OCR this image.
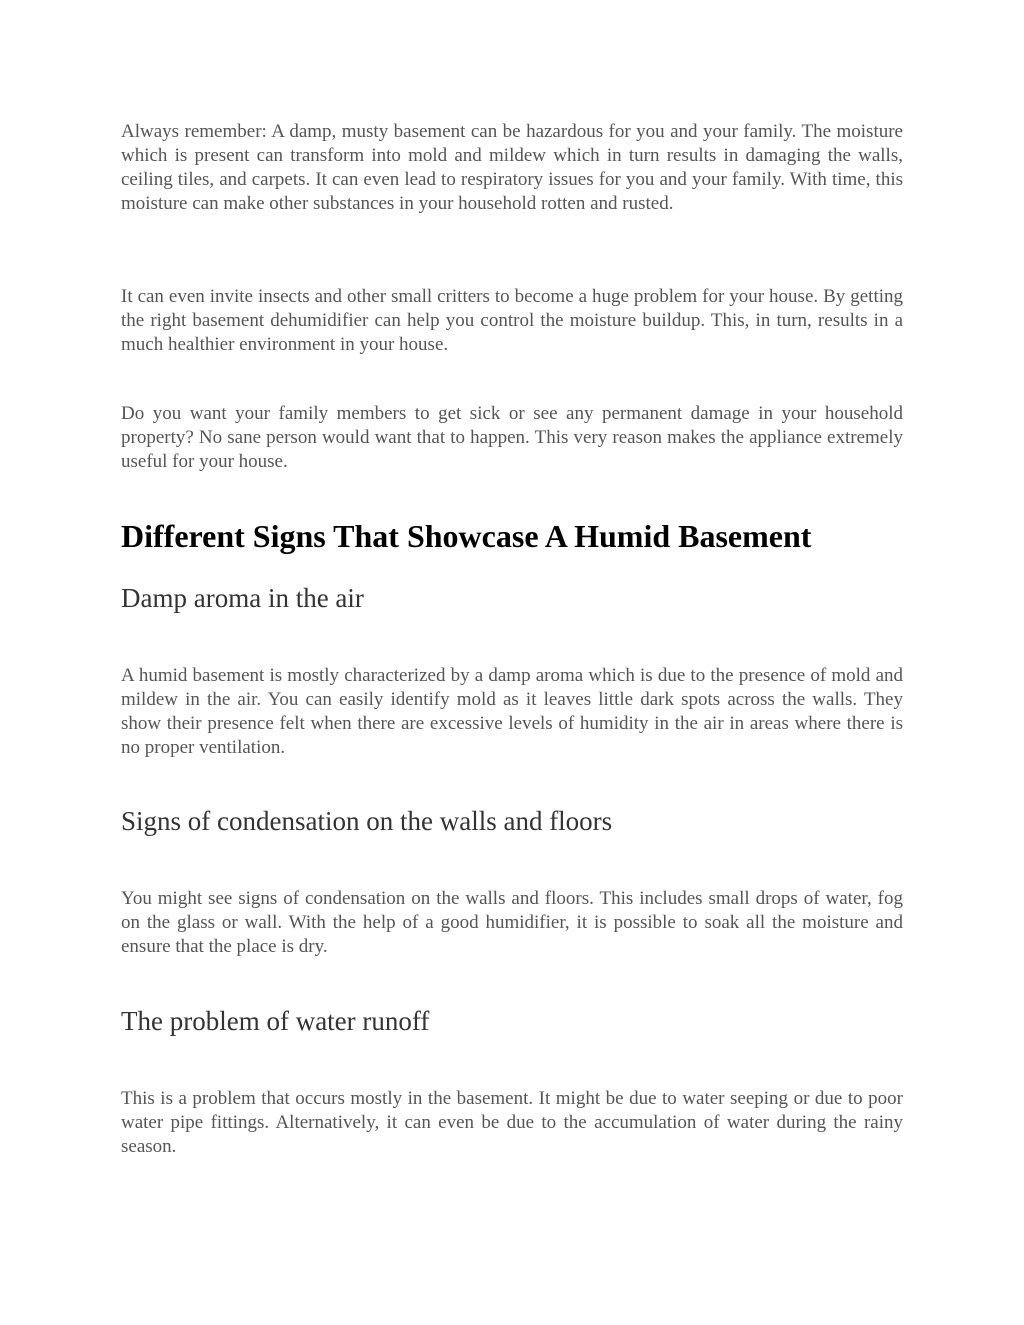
Always remember: A damp, musty basement can be hazardous for you and your family. The moisture which is present can transform into mold and mildew which in turn results in damaging the walls, ceiling tiles, and carpets. It can even lead to respiratory issues for you and your family. With time, this moisture can make other substances in your household rotten and rusted.

It can even invite insects and other small critters to become a huge problem for your house. By getting the right basement dehumidifier can help you control the moisture buildup. This, in turn, results in a much healthier environment in your house.

Do you want your family members to get sick or see any permanent damage in your household property? No sane person would want that to happen. This very reason makes the appliance extremely useful for your house.

Different Signs That Showcase A Humid Basement
Damp aroma in the air

A humid basement is mostly characterized by a damp aroma which is due to the presence of mold and mildew in the air. You can easily identify mold as it leaves little dark spots across the walls. They show their presence felt when there are excessive levels of humidity in the air in areas where there is no proper ventilation.

Signs of condensation on the walls and floors

You might see signs of condensation on the walls and floors. This includes small drops of water, fog on the glass or wall. With the help of a good humidifier, it is possible to soak all the moisture and ensure that the place is dry.

The problem of water runoff

This is a problem that occurs mostly in the basement. It might be due to water seeping or due to poor water pipe fittings. Alternatively, it can even be due to the accumulation of water during the rainy season.
